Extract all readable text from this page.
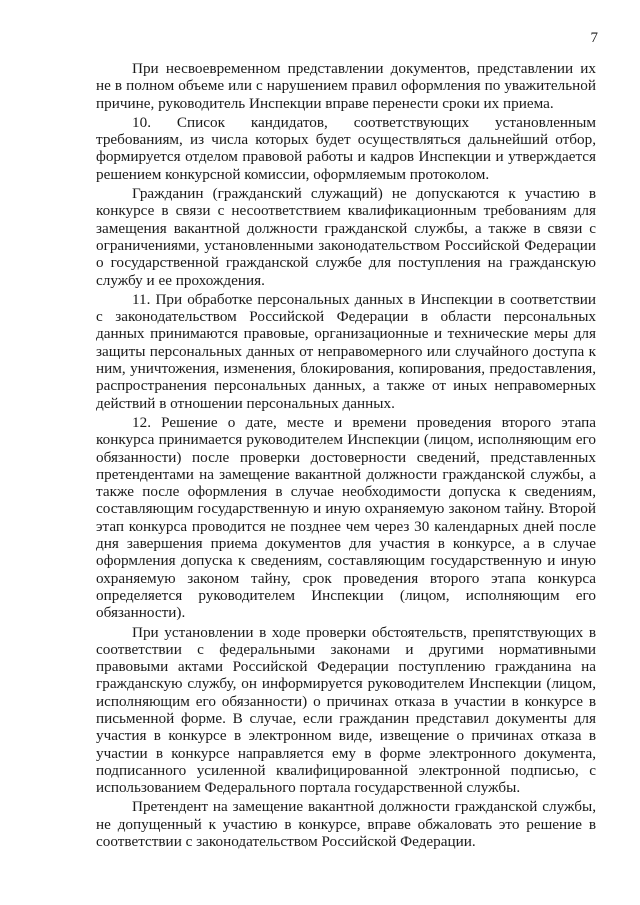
7

При несвоевременном представлении документов, представлении их не в полном объеме или с нарушением правил оформления по уважительной причине, руководитель Инспекции вправе перенести сроки их приема.

10. Список кандидатов, соответствующих установленным требованиям, из числа которых будет осуществляться дальнейший отбор, формируется отделом правовой работы и кадров Инспекции и утверждается решением конкурсной комиссии, оформляемым протоколом.

Гражданин (гражданский служащий) не допускаются к участию в конкурсе в связи с несоответствием квалификационным требованиям для замещения вакантной должности гражданской службы, а также в связи с ограничениями, установленными законодательством Российской Федерации о государственной гражданской службе для поступления на гражданскую службу и ее прохождения.

11. При обработке персональных данных в Инспекции в соответствии с законодательством Российской Федерации в области персональных данных принимаются правовые, организационные и технические меры для защиты персональных данных от неправомерного или случайного доступа к ним, уничтожения, изменения, блокирования, копирования, предоставления, распространения персональных данных, а также от иных неправомерных действий в отношении персональных данных.

12. Решение о дате, месте и времени проведения второго этапа конкурса принимается руководителем Инспекции (лицом, исполняющим его обязанности) после проверки достоверности сведений, представленных претендентами на замещение вакантной должности гражданской службы, а также после оформления в случае необходимости допуска к сведениям, составляющим государственную и иную охраняемую законом тайну. Второй этап конкурса проводится не позднее чем через 30 календарных дней после дня завершения приема документов для участия в конкурсе, а в случае оформления допуска к сведениям, составляющим государственную и иную охраняемую законом тайну, срок проведения второго этапа конкурса определяется руководителем Инспекции (лицом, исполняющим его обязанности).

При установлении в ходе проверки обстоятельств, препятствующих в соответствии с федеральными законами и другими нормативными правовыми актами Российской Федерации поступлению гражданина на гражданскую службу, он информируется руководителем Инспекции (лицом, исполняющим его обязанности) о причинах отказа в участии в конкурсе в письменной форме. В случае, если гражданин представил документы для участия в конкурсе в электронном виде, извещение о причинах отказа в участии в конкурсе направляется ему в форме электронного документа, подписанного усиленной квалифицированной электронной подписью, с использованием Федерального портала государственной службы.

Претендент на замещение вакантной должности гражданской службы, не допущенный к участию в конкурсе, вправе обжаловать это решение в соответствии с законодательством Российской Федерации.
